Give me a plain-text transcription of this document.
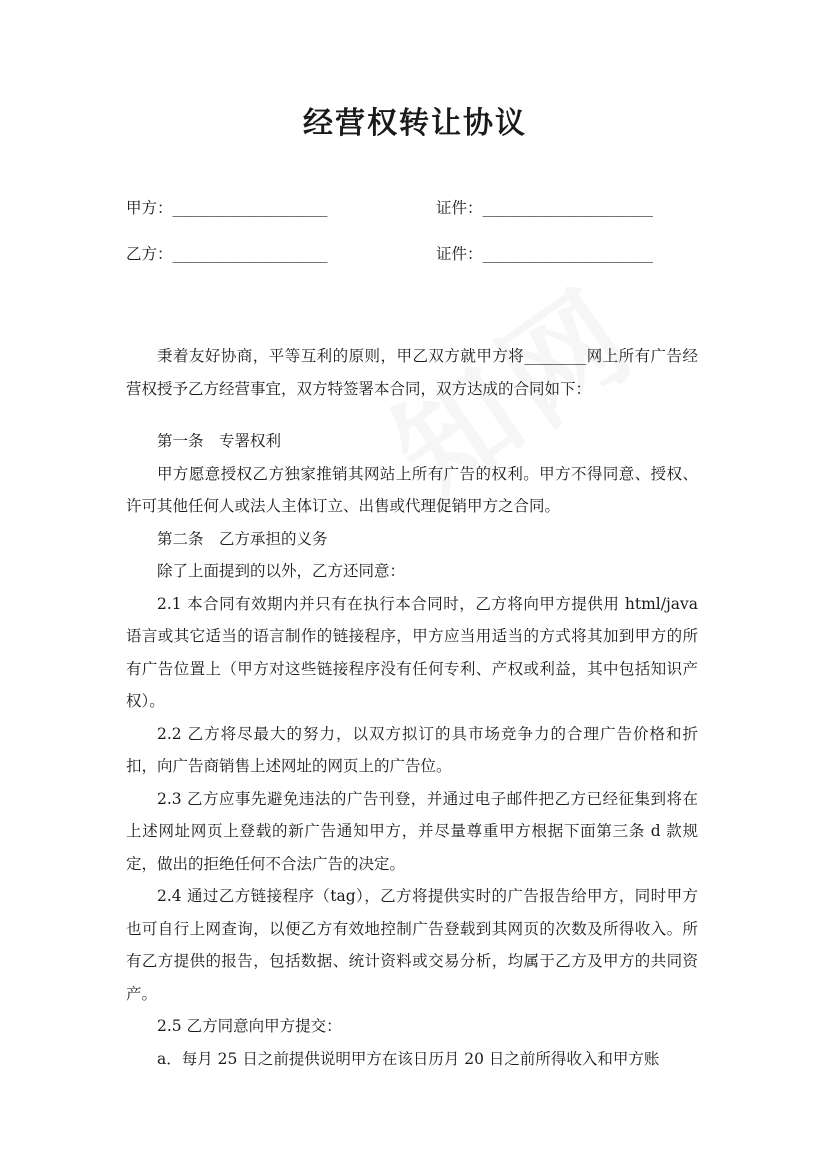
经营权转让协议
甲方：____________________	证件：______________________
乙方：____________________	证件：______________________

秉着友好协商，平等互利的原则，甲乙双方就甲方将________网上所有广告经营权授予乙方经营事宜，双方特签署本合同，双方达成的合同如下：

第一条　专署权利

甲方愿意授权乙方独家推销其网站上所有广告的权利。甲方不得同意、授权、许可其他任何人或法人主体订立、出售或代理促销甲方之合同。

第二条　乙方承担的义务

除了上面提到的以外，乙方还同意：

2.1 本合同有效期内并只有在执行本合同时，乙方将向甲方提供用 html/java 语言或其它适当的语言制作的链接程序，甲方应当用适当的方式将其加到甲方的所有广告位置上（甲方对这些链接程序没有任何专利、产权或利益，其中包括知识产权）。

2.2 乙方将尽最大的努力，以双方拟订的具市场竞争力的合理广告价格和折扣，向广告商销售上述网址的网页上的广告位。

2.3 乙方应事先避免违法的广告刊登，并通过电子邮件把乙方已经征集到将在上述网址网页上登载的新广告通知甲方，并尽量尊重甲方根据下面第三条 d 款规定，做出的拒绝任何不合法广告的决定。

2.4 通过乙方链接程序（tag），乙方将提供实时的广告报告给甲方，同时甲方也可自行上网查询，以便乙方有效地控制广告登载到其网页的次数及所得收入。所有乙方提供的报告，包括数据、统计资料或交易分析，均属于乙方及甲方的共同资产。

2.5 乙方同意向甲方提交：

a．每月 25 日之前提供说明甲方在该日历月 20 日之前所得收入和甲方账
